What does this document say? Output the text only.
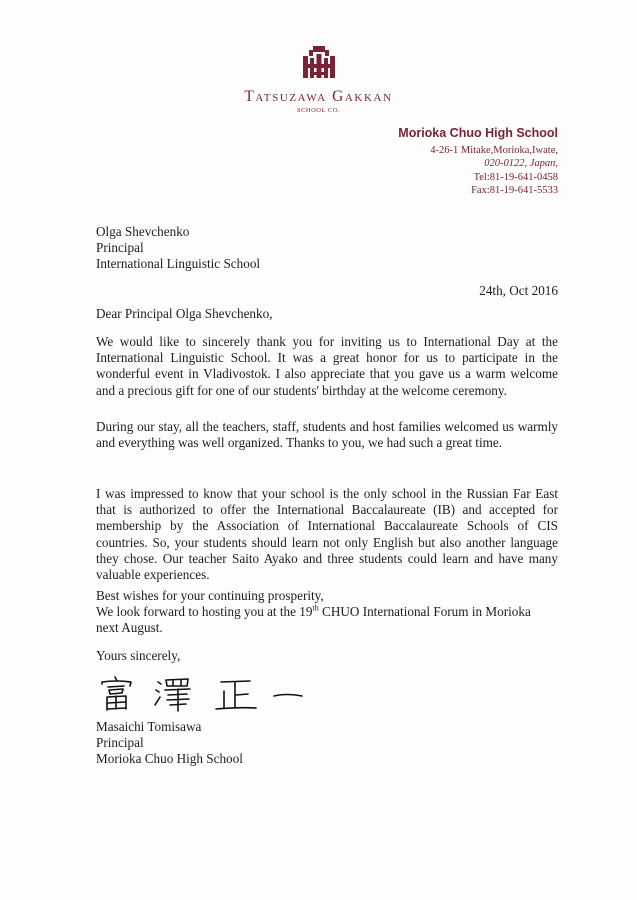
Tatsuzawa Gakkan
SCHOOL CO.
Morioka Chuo High School
4-26-1 Mitake,Morioka,Iwate,
020-0122, Japan,
Tel:81-19-641-0458
Fax:81-19-641-5533
Olga Shevchenko
Principal
International Linguistic School
24th, Oct 2016
Dear Principal Olga Shevchenko,

We would like to sincerely thank you for inviting us to International Day at the International Linguistic School. It was a great honor for us to participate in the wonderful event in Vladivostok. I also appreciate that you gave us a warm welcome and a precious gift for one of our students' birthday at the welcome ceremony.

During our stay, all the teachers, staff, students and host families welcomed us warmly and everything was well organized. Thanks to you, we had such a great time.

I was impressed to know that your school is the only school in the Russian Far East that is authorized to offer the International Baccalaureate (IB) and accepted for membership by the Association of International Baccalaureate Schools of CIS countries. So, your students should learn not only English but also another language they chose. Our teacher Saito Ayako and three students could learn and have many valuable experiences.

Best wishes for your continuing prosperity,
We look forward to hosting you at the 19th CHUO International Forum in Morioka
next August.
Yours sincerely,
Masaichi Tomisawa
Principal
Morioka Chuo High School
